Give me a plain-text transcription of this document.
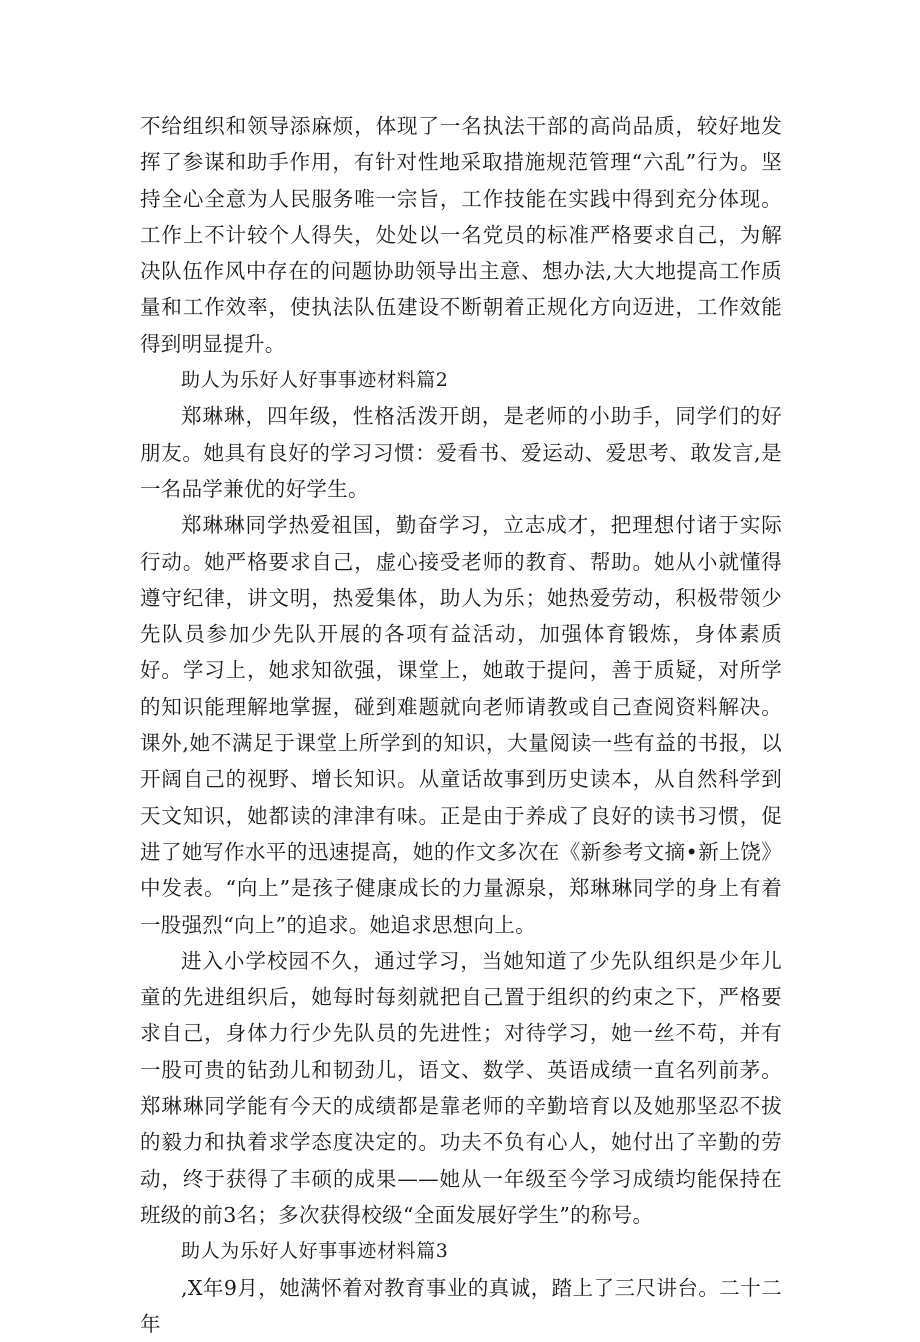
不给组织和领导添麻烦，体现了一名执法干部的高尚品质，较好地发挥了参谋和助手作用，有针对性地采取措施规范管理“六乱”行为。坚持全心全意为人民服务唯一宗旨，工作技能在实践中得到充分体现。工作上不计较个人得失，处处以一名党员的标准严格要求自己，为解决队伍作风中存在的问题协助领导出主意、想办法,大大地提高工作质量和工作效率，使执法队伍建设不断朝着正规化方向迈进，工作效能得到明显提升。

助人为乐好人好事事迹材料篇2

郑琳琳，四年级，性格活泼开朗，是老师的小助手，同学们的好朋友。她具有良好的学习习惯：爱看书、爱运动、爱思考、敢发言,是一名品学兼优的好学生。

郑琳琳同学热爱祖国，勤奋学习，立志成才，把理想付诸于实际行动。她严格要求自己，虚心接受老师的教育、帮助。她从小就懂得遵守纪律，讲文明，热爱集体，助人为乐；她热爱劳动，积极带领少先队员参加少先队开展的各项有益活动，加强体育锻炼，身体素质好。学习上，她求知欲强，课堂上，她敢于提问，善于质疑，对所学的知识能理解地掌握，碰到难题就向老师请教或自己查阅资料解决。课外,她不满足于课堂上所学到的知识，大量阅读一些有益的书报，以开阔自己的视野、增长知识。从童话故事到历史读本，从自然科学到天文知识，她都读的津津有味。正是由于养成了良好的读书习惯，促进了她写作水平的迅速提高，她的作文多次在《新参考文摘•新上饶》中发表。“向上”是孩子健康成长的力量源泉，郑琳琳同学的身上有着一股强烈“向上”的追求。她追求思想向上。

进入小学校园不久，通过学习，当她知道了少先队组织是少年儿童的先进组织后，她每时每刻就把自己置于组织的约束之下，严格要求自己，身体力行少先队员的先进性；对待学习，她一丝不苟，并有一股可贵的钻劲儿和韧劲儿，语文、数学、英语成绩一直名列前茅。郑琳琳同学能有今天的成绩都是靠老师的辛勤培育以及她那坚忍不拔的毅力和执着求学态度决定的。功夫不负有心人，她付出了辛勤的劳动，终于获得了丰硕的成果——她从一年级至今学习成绩均能保持在班级的前3名；多次获得校级“全面发展好学生”的称号。

助人为乐好人好事事迹材料篇3

,X年9月，她满怀着对教育事业的真诚，踏上了三尺讲台。二十二年
